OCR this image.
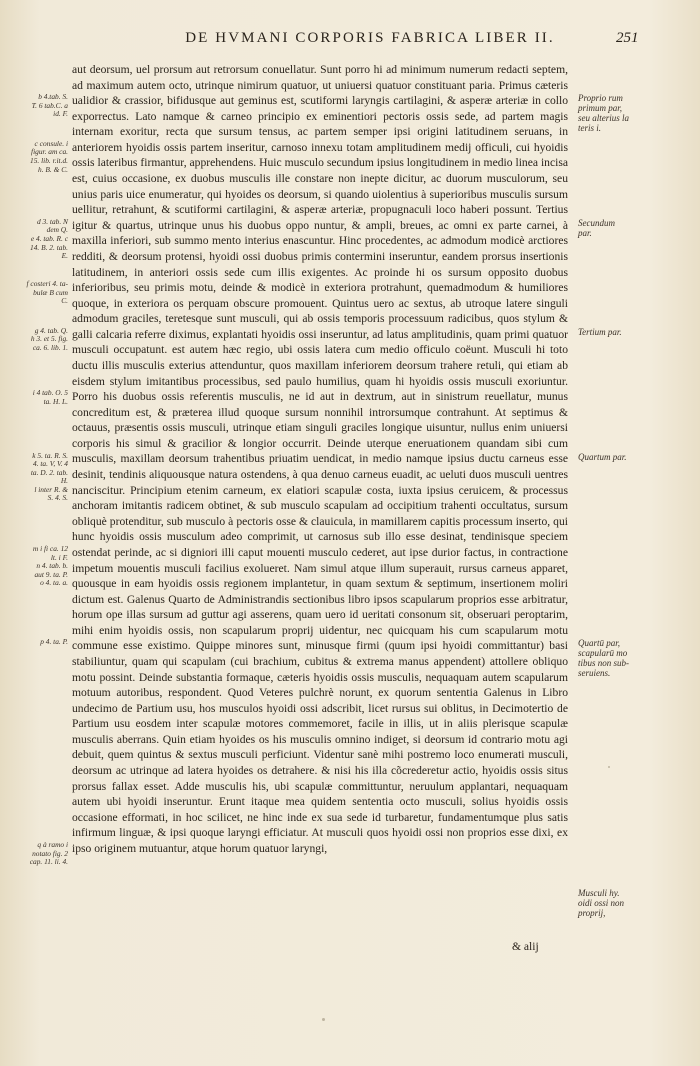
DE HVMANI CORPORIS FABRICA LIBER II.	251
b 4.tab. S.
T. 6 tab.C. a
id. F.
c consule. i
figur. am ca.
15. lib. r.it.d.
h. B. & C.
d 3. tab. N
dem Q.
e 4. tab. R. c
14. B. 2. tab.
E.
f costeri 4. ta-
bulæ B cum
C.
g 4. tab. Q.
h 3. et 5. fig.
ca. 6. lib. 1.
i 4 tab. O. 5
ta. H. L.
k 5. ta. R. S.
4. ta. V, V. 4
ta. D. 2. tab.
H.
l inter R. &
S. 4. S.
m i fi ca. 12
lt. i F.
n 4. tab. b.
aut 9. ta. P.
o 4. ta. a.
p 4. ta. P.
q à ramo i
notato fig. 2
cap. 11. li. 4.

aut deorsum, uel prorsum aut retrorsum conuellatur. Sunt porro hi ad minimum numerum redacti septem, ad maximum autem octo, utrinque nimirum quatuor, ut uniuersi quatuor constituant paria. Primus cæteris ualidior & crassior, bifidusque aut geminus est, scutiformi laryngis cartilagini, & asperæ arteriæ in collo exporrectus. Lato namque & carneo principio ex eminentiori pectoris ossis sede, ad partem magis internam exoritur, recta que sursum tensus, ac partem semper ipsi origini latitudinem seruans, in anteriorem hyoidis ossis partem inseritur, carnoso innexu totam amplitudinem medij officuli, cui hyoidis ossis lateribus firmantur, apprehendens. Huic musculo secundum ipsius longitudinem in medio linea incisa est, cuius occasione, ex duobus musculis ille constare non inepte dicitur, ac duorum musculorum, seu unius paris uice enumeratur, qui hyoides os deorsum, si quando uiolentius à superioribus musculis sursum uellitur, retrahunt, & scutiformi cartilagini, & asperæ arteriæ, propugnaculi loco haberi possunt. Tertius igitur & quartus, utrinque unus his duobus oppo nuntur, & ampli, breues, ac omni ex parte carnei, à maxilla inferiori, sub summo mento interius enascuntur. Hinc procedentes, ac admodum modicè arctiores redditi, & deorsum protensi, hyoidi ossi duobus primis contermini inseruntur, eandem prorsus insertionis latitudinem, in anteriori ossis sede cum illis exigentes. Ac proinde hi os sursum opposito duobus inferioribus, seu primis motu, deinde & modicè in exteriora protrahunt, quemadmodum & humiliores quoque, in exteriora os perquam obscure promouent. Quintus uero ac sextus, ab utroque latere singuli admodum graciles, teretesque sunt musculi, qui ab ossis temporis processuum radicibus, quos stylum & galli calcaria referre diximus, explantati hyoidis ossi inseruntur, ad latus amplitudinis, quam primi quatuor musculi occupatunt. est autem hæc regio, ubi ossis latera cum medio officulo coëunt. Musculi hi toto ductu illis musculis exterius attenduntur, quos maxillam inferiorem deorsum trahere retuli, qui etiam ab eisdem stylum imitantibus processibus, sed paulo humilius, quam hi hyoidis ossis musculi exoriuntur. Porro his duobus ossis referentis musculis, ne id aut in dextrum, aut in sinistrum reuellatur, munus concreditum est, & præterea illud quoque sursum nonnihil introrsumque contrahunt. At septimus & octauus, præsentis ossis musculi, utrinque etiam singuli graciles longique uisuntur, nullus enim uniuersi corporis his simul & gracilior & longior occurrit. Deinde uterque eneruationem quandam sibi cum musculis, maxillam deorsum trahentibus priuatim uendicat, in medio namque ipsius ductu carneus esse desinit, tendinis aliquousque natura ostendens, à qua denuo carneus euadit, ac ueluti duos musculi uentres nanciscitur. Principium etenim carneum, ex elatiori scapulæ costa, iuxta ipsius ceruicem, & processus anchoram imitantis radicem obtinet, & sub musculo scapulam ad occipitium trahenti occultatus, sursum obliquè protenditur, sub musculo à pectoris osse & clauicula, in mamillarem capitis processum inserto, qui hunc hyoidis ossis musculum adeo comprimit, ut carnosus sub illo esse desinat, tendinisque speciem ostendat perinde, ac si digniori illi caput mouenti musculo cederet, aut ipse durior factus, in contractione impetum mouentis musculi facilius exolueret. Nam simul atque illum superauit, rursus carneus apparet, quousque in eam hyoidis ossis regionem implantetur, in quam sextum & septimum, insertionem moliri dictum est. Galenus Quarto de Administrandis sectionibus libro ipsos scapularum proprios esse arbitratur, horum ope illas sursum ad guttur agi asserens, quam uero id ueritati consonum sit, obseruari peroptarim, mihi enim hyoidis ossis, non scapularum proprij uidentur, nec quicquam his cum scapularum motu commune esse existimo. Quippe minores sunt, minusque firmi (quum ipsi hyoidi committantur) basi stabiliuntur, quam qui scapulam (cui brachium, cubitus & extrema manus appendent) attollere obliquo motu possint. Deinde substantia formaque, cæteris hyoidis ossis musculis, nequaquam autem scapularum motuum autoribus, respondent. Quod Veteres pulchrè norunt, ex quorum sententia Galenus in Libro undecimo de Partium usu, hos musculos hyoidi ossi adscribit, licet rursus sui oblitus, in Decimotertio de Partium usu eosdem inter scapulæ motores commemoret, facile in illis, ut in aliis plerisque scapulæ musculis aberrans. Quin etiam hyoides os his musculis omnino indiget, si deorsum id contrario motu agi debuit, quem quintus & sextus musculi perficiunt. Videntur sanè mihi postremo loco enumerati musculi, deorsum ac utrinque ad latera hyoides os detrahere. & nisi his illa cõcrederetur actio, hyoidis ossis situs prorsus fallax esset. Adde musculis his, ubi scapulæ committuntur, neruulum applantari, nequaquam autem ubi hyoidi inseruntur. Erunt itaque mea quidem sententia octo musculi, solius hyoidis ossis occasione efformati, in hoc scilicet, ne hinc inde ex sua sede id turbaretur, fundamentumque plus satis infirmum linguæ, & ipsi quoque laryngi efficiatur. At musculi quos hyoidi ossi non proprios esse dixi, ex ipso originem mutuantur, atque horum quatuor laryngi,

Proprio rum
primum par,
seu alterius la
teris i.
Secundum
par.
Tertium par.
Quartum par.
Quartū par,
scapularū mo
tibus non sub-
seruiens.
Musculi hy.
oidi ossi non
proprij,
& alij
